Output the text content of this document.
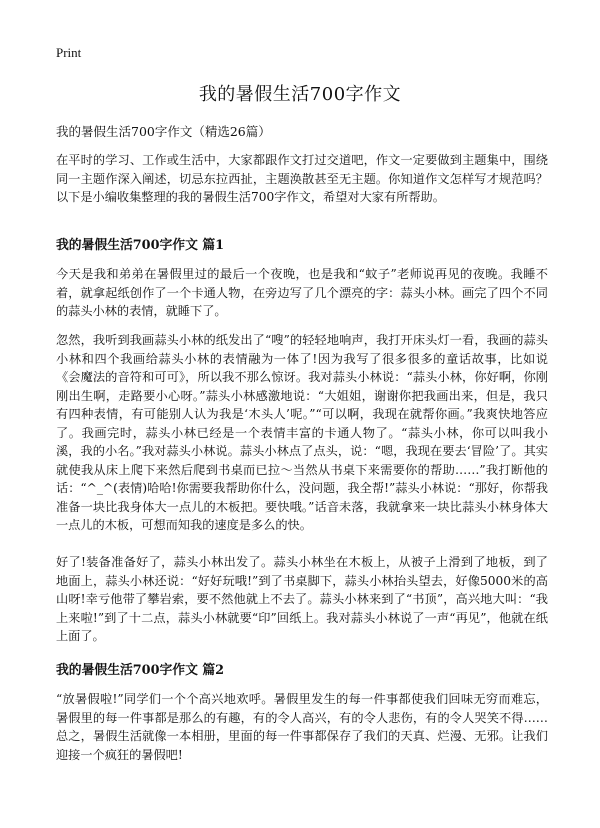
Print
我的暑假生活700字作文

我的暑假生活700字作文（精选26篇）

在平时的学习、工作或生活中，大家都跟作文打过交道吧，作文一定要做到主题集中，围绕同一主题作深入阐述，切忌东拉西扯，主题涣散甚至无主题。你知道作文怎样写才规范吗？以下是小编收集整理的我的暑假生活700字作文，希望对大家有所帮助。

我的暑假生活700字作文 篇1

今天是我和弟弟在暑假里过的最后一个夜晚，也是我和“蚊子”老师说再见的夜晚。我睡不着，就拿起纸创作了一个卡通人物，在旁边写了几个漂亮的字：蒜头小林。画完了四个不同的蒜头小林的表情，就睡下了。

忽然，我听到我画蒜头小林的纸发出了“嗖”的轻轻地响声，我打开床头灯一看，我画的蒜头小林和四个我画给蒜头小林的表情融为一体了!因为我写了很多很多的童话故事，比如说《会魔法的音符和可可》，所以我不那么惊讶。我对蒜头小林说：“蒜头小林，你好啊，你刚刚出生啊，走路要小心呀。”蒜头小林感激地说：“大姐姐，谢谢你把我画出来，但是，我只有四种表情，有可能别人认为我是‘木头人’呢。”“可以啊，我现在就帮你画。”我爽快地答应了。我画完时，蒜头小林已经是一个表情丰富的卡通人物了。“蒜头小林，你可以叫我小溪，我的小名。”我对蒜头小林说。蒜头小林点了点头，说：“嗯，我现在要去‘冒险’了。其实就使我从床上爬下来然后爬到书桌而已拉～当然从书桌下来需要你的帮助……”我打断他的话：“^_^(表情)哈哈!你需要我帮助你什么，没问题，我全帮!”蒜头小林说：“那好，你帮我准备一块比我身体大一点儿的木板把。要快哦。”话音未落，我就拿来一块比蒜头小林身体大一点儿的木板，可想而知我的速度是多么的快。

好了!装备准备好了，蒜头小林出发了。蒜头小林坐在木板上，从被子上滑到了地板，到了地面上，蒜头小林还说：“好好玩哦!”到了书桌脚下，蒜头小林抬头望去，好像5000米的高山呀!幸亏他带了攀岩索，要不然他就上不去了。蒜头小林来到了“书顶”，高兴地大叫：“我上来啦!”到了十二点，蒜头小林就要“印”回纸上。我对蒜头小林说了一声“再见”，他就在纸上面了。

我的暑假生活700字作文 篇2

“放暑假啦!”同学们一个个高兴地欢呼。暑假里发生的每一件事都使我们回味无穷而难忘，暑假里的每一件事都是那么的有趣，有的令人高兴，有的令人悲伤，有的令人哭笑不得……总之，暑假生活就像一本相册，里面的每一件事都保存了我们的天真、烂漫、无邪。让我们迎接一个疯狂的暑假吧!
